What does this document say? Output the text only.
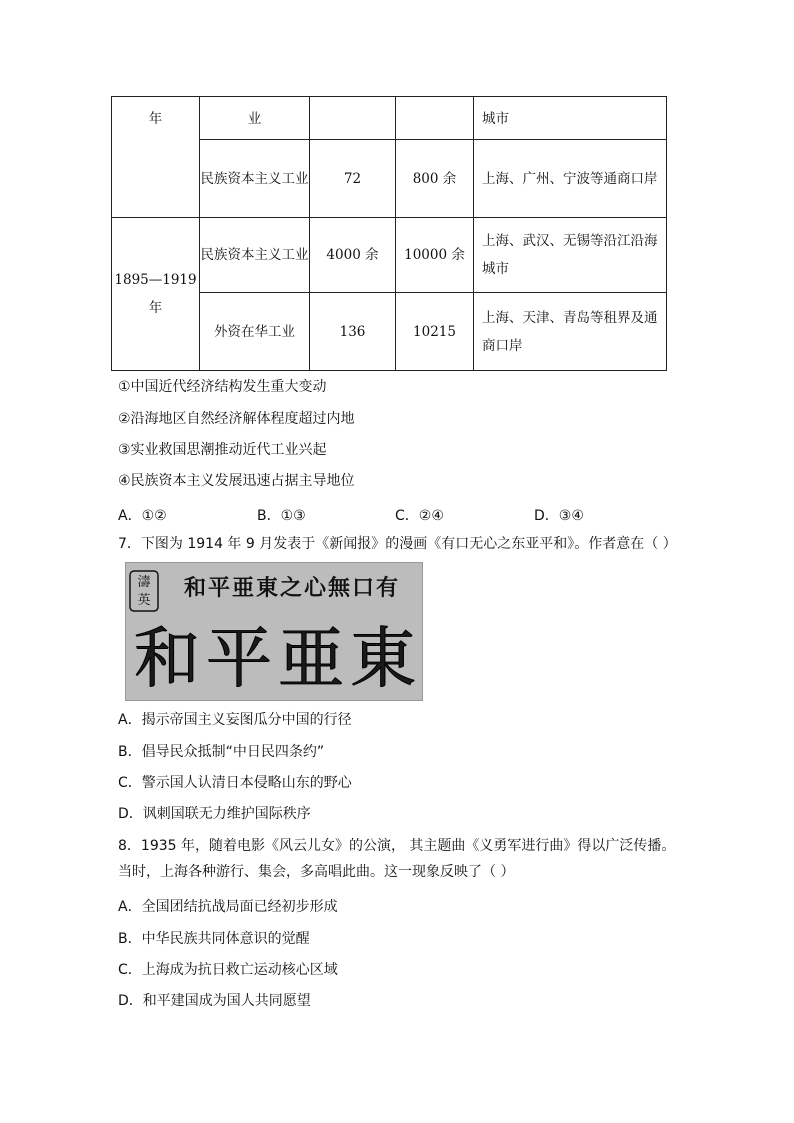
年	业			城市
	民族资本主义工业	72	800 余	上海、广州、宁波等通商口岸
1895—1919 年	民族资本主义工业	4000 余	10000 余	上海、武汉、无锡等沿江沿海城市
	外资在华工业	136	10215	上海、天津、青岛等租界及通商口岸
①中国近代经济结构发生重大变动
②沿海地区自然经济解体程度超过内地
③实业救国思潮推动近代工业兴起
④民族资本主义发展迅速占据主导地位
A．①②	B．①③	C．②④	D．③④
7．下图为 1914 年 9 月发表于《新闻报》的漫画《有口无心之东亚平和》。作者意在（ ）
濤
英 和平亜東之心無口有
和平亜東
A．揭示帝国主义妄图瓜分中国的行径
B．倡导民众抵制“中日民四条约”
C．警示国人认清日本侵略山东的野心
D．讽刺国联无力维护国际秩序
8．1935 年，随着电影《风云儿女》的公演， 其主题曲《义勇军进行曲》得以广泛传播。当时，上海各种游行、集会，多高唱此曲。这一现象反映了（ ）
A．全国团结抗战局面已经初步形成
B．中华民族共同体意识的觉醒
C．上海成为抗日救亡运动核心区域
D．和平建国成为国人共同愿望
